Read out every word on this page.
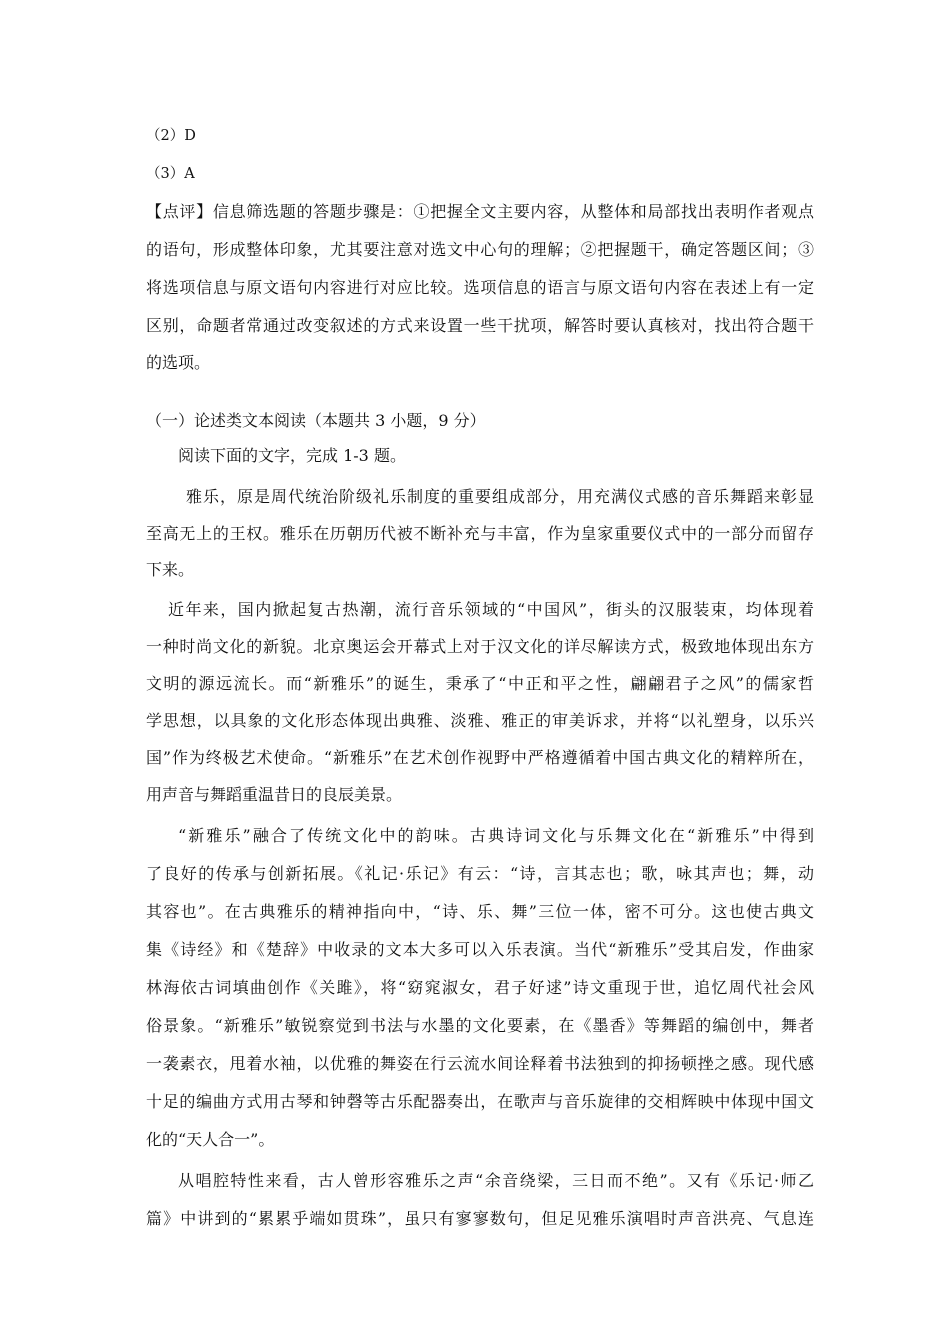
（2）D
（3）A
【点评】信息筛选题的答题步骤是：①把握全文主要内容，从整体和局部找出表明作者观点
的语句，形成整体印象，尤其要注意对选文中心句的理解；②把握题干，确定答题区间；③
将选项信息与原文语句内容进行对应比较。选项信息的语言与原文语句内容在表述上有一定
区别，命题者常通过改变叙述的方式来设置一些干扰项，解答时要认真核对，找出符合题干
的选项。
（一）论述类文本阅读（本题共 3 小题，9 分）
阅读下面的文字，完成 1-3 题。
雅乐，原是周代统治阶级礼乐制度的重要组成部分，用充满仪式感的音乐舞蹈来彰显
至高无上的王权。雅乐在历朝历代被不断补充与丰富，作为皇家重要仪式中的一部分而留存
下来。
近年来，国内掀起复古热潮，流行音乐领域的“中国风”，街头的汉服装束，均体现着
一种时尚文化的新貌。北京奥运会开幕式上对于汉文化的详尽解读方式，极致地体现出东方
文明的源远流长。而“新雅乐”的诞生，秉承了“中正和平之性，翩翩君子之风”的儒家哲
学思想，以具象的文化形态体现出典雅、淡雅、雅正的审美诉求，并将“以礼塑身，以乐兴
国”作为终极艺术使命。“新雅乐”在艺术创作视野中严格遵循着中国古典文化的精粹所在，
用声音与舞蹈重温昔日的良辰美景。
“新雅乐”融合了传统文化中的韵味。古典诗词文化与乐舞文化在“新雅乐”中得到
了良好的传承与创新拓展。《礼记·乐记》有云：“诗，言其志也；歌，咏其声也；舞，动
其容也”。在古典雅乐的精神指向中，“诗、乐、舞”三位一体，密不可分。这也使古典文
集《诗经》和《楚辞》中收录的文本大多可以入乐表演。当代“新雅乐”受其启发，作曲家
林海依古词填曲创作《关雎》，将“窈窕淑女，君子好逑”诗文重现于世，追忆周代社会风
俗景象。“新雅乐”敏锐察觉到书法与水墨的文化要素，在《墨香》等舞蹈的编创中，舞者
一袭素衣，甩着水袖，以优雅的舞姿在行云流水间诠释着书法独到的抑扬顿挫之感。现代感
十足的编曲方式用古琴和钟磬等古乐配器奏出，在歌声与音乐旋律的交相辉映中体现中国文
化的“天人合一”。
从唱腔特性来看，古人曾形容雅乐之声“余音绕梁，三日而不绝”。又有《乐记·师乙
篇》中讲到的“累累乎端如贯珠”，虽只有寥寥数句，但足见雅乐演唱时声音洪亮、气息连
